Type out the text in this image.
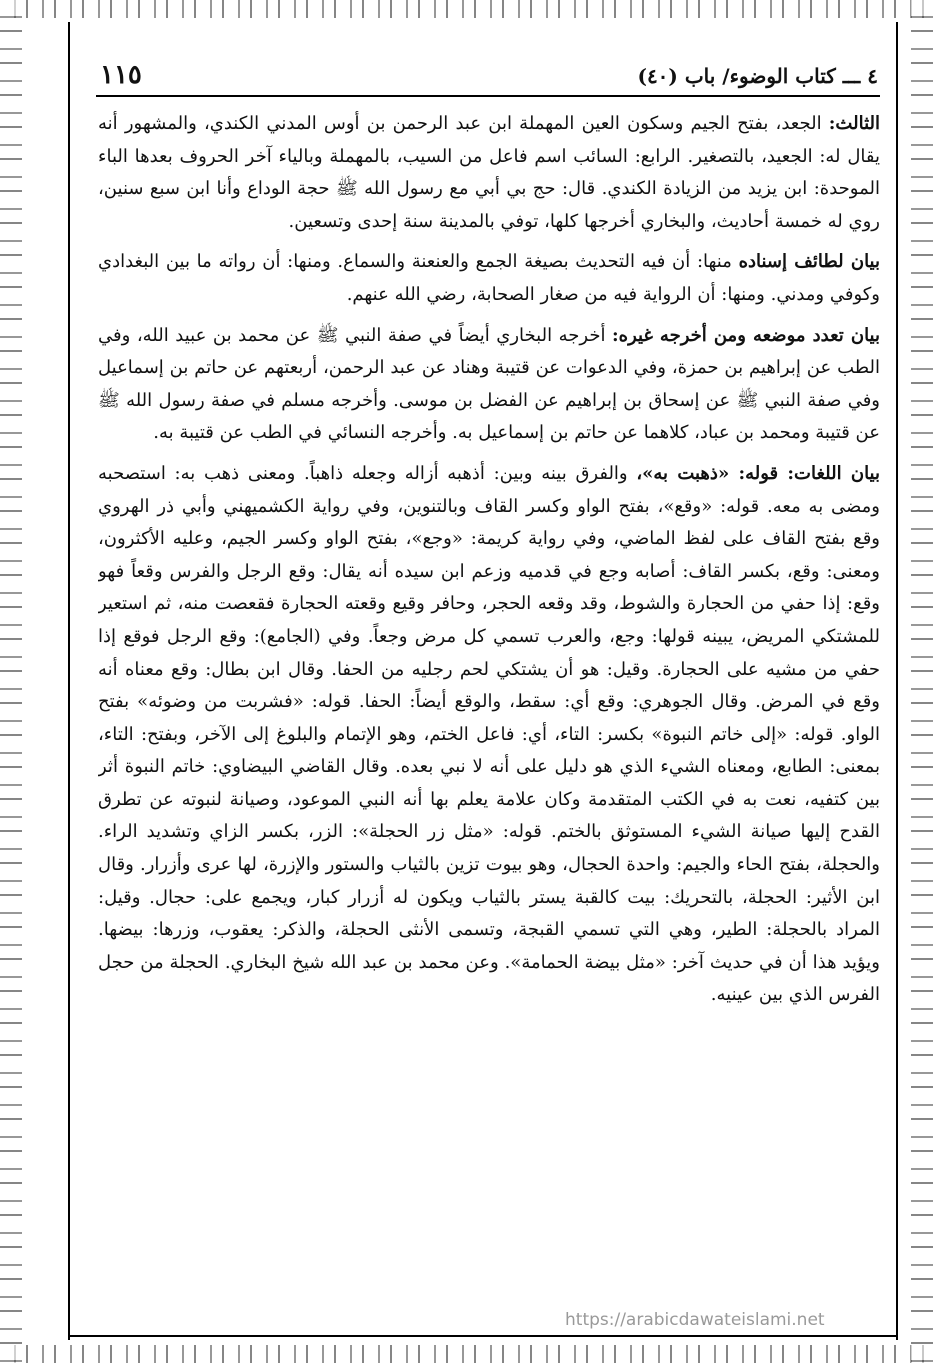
٤ ـــ كتاب الوضوء/ باب (٤٠)
١١٥

الثالث: الجعد، بفتح الجيم وسكون العين المهملة ابن عبد الرحمن بن أوس المدني الكندي، والمشهور أنه يقال له: الجعيد، بالتصغير. الرابع: السائب اسم فاعل من السيب، بالمهملة وبالياء آخر الحروف بعدها الباء الموحدة: ابن يزيد من الزيادة الكندي. قال: حج بي أبي مع رسول الله ﷺ حجة الوداع وأنا ابن سبع سنين، روي له خمسة أحاديث، والبخاري أخرجها كلها، توفي بالمدينة سنة إحدى وتسعين.

بيان لطائف إسناده منها: أن فيه التحديث بصيغة الجمع والعنعنة والسماع. ومنها: أن رواته ما بين البغدادي وكوفي ومدني. ومنها: أن الرواية فيه من صغار الصحابة، رضي الله عنهم.

بيان تعدد موضعه ومن أخرجه غيره: أخرجه البخاري أيضاً في صفة النبي ﷺ عن محمد بن عبيد الله، وفي الطب عن إبراهيم بن حمزة، وفي الدعوات عن قتيبة وهناد عن عبد الرحمن، أربعتهم عن حاتم بن إسماعيل وفي صفة النبي ﷺ عن إسحاق بن إبراهيم عن الفضل بن موسى. وأخرجه مسلم في صفة رسول الله ﷺ عن قتيبة ومحمد بن عباد، كلاهما عن حاتم بن إسماعيل به. وأخرجه النسائي في الطب عن قتيبة به.

بيان اللغات: قوله: «ذهبت به»، والفرق بينه وبين: أذهبه أزاله وجعله ذاهباً. ومعنى ذهب به: استصحبه ومضى به معه. قوله: «وقع»، بفتح الواو وكسر القاف وبالتنوين، وفي رواية الكشميهني وأبي ذر الهروي وقع بفتح القاف على لفظ الماضي، وفي رواية كريمة: «وجع»، بفتح الواو وكسر الجيم، وعليه الأكثرون، ومعنى: وقع، بكسر القاف: أصابه وجع في قدميه وزعم ابن سيده أنه يقال: وقع الرجل والفرس وقعاً فهو وقع: إذا حفي من الحجارة والشوط، وقد وقعه الحجر، وحافر وقيع وقعته الحجارة فقعصت منه، ثم استعير للمشتكي المريض، يبينه قولها: وجع، والعرب تسمي كل مرض وجعاً. وفي (الجامع): وقع الرجل فوقع إذا حفي من مشيه على الحجارة. وقيل: هو أن يشتكي لحم رجليه من الحفا. وقال ابن بطال: وقع معناه أنه وقع في المرض. وقال الجوهري: وقع أي: سقط، والوقع أيضاً: الحفا. قوله: «فشربت من وضوئه» بفتح الواو. قوله: «إلى خاتم النبوة» بكسر: التاء، أي: فاعل الختم، وهو الإتمام والبلوغ إلى الآخر، وبفتح: التاء، بمعنى: الطابع، ومعناه الشيء الذي هو دليل على أنه لا نبي بعده. وقال القاضي البيضاوي: خاتم النبوة أثر بين كتفيه، نعت به في الكتب المتقدمة وكان علامة يعلم بها أنه النبي الموعود، وصيانة لنبوته عن تطرق القدح إليها صيانة الشيء المستوثق بالختم. قوله: «مثل زر الحجلة»: الزر، بكسر الزاي وتشديد الراء. والحجلة، بفتح الحاء والجيم: واحدة الحجال، وهو بيوت تزين بالثياب والستور والإزرة، لها عرى وأزرار. وقال ابن الأثير: الحجلة، بالتحريك: بيت كالقبة يستر بالثياب ويكون له أزرار كبار، ويجمع على: حجال. وقيل: المراد بالحجلة: الطير، وهي التي تسمي القبجة، وتسمى الأنثى الحجلة، والذكر: يعقوب، وزرها: بيضها. ويؤيد هذا أن في حديث آخر: «مثل بيضة الحمامة». وعن محمد بن عبد الله شيخ البخاري. الحجلة من حجل الفرس الذي بين عينيه.

https://arabicdawateislami.net
